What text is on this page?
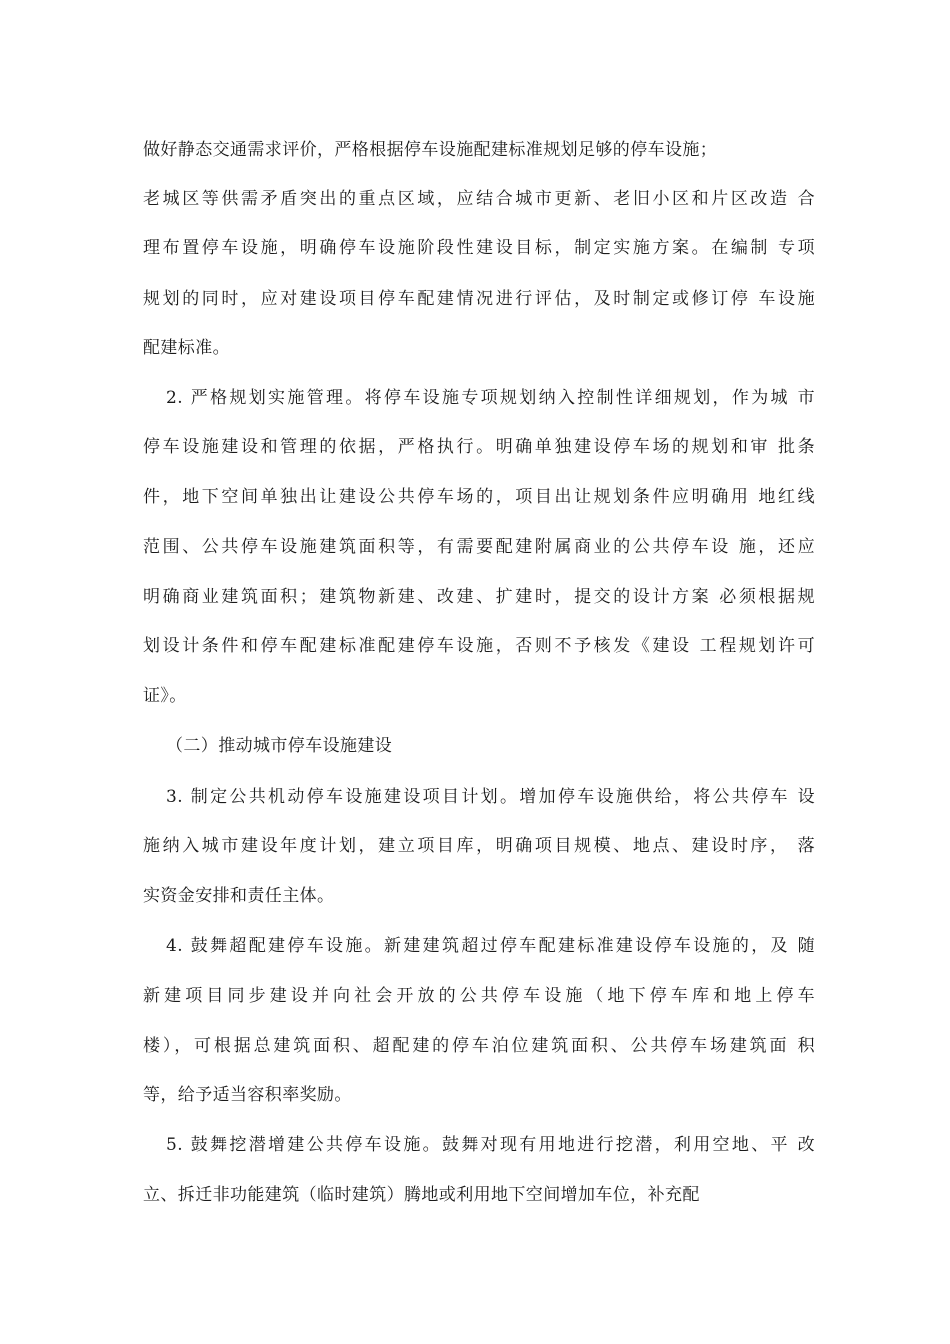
做好静态交通需求评价，严格根据停车设施配建标准规划足够的停车设施；
老城区等供需矛盾突出的重点区域，应结合城市更新、老旧小区和片区改造 合
理布置停车设施，明确停车设施阶段性建设目标，制定实施方案。在编制 专项
规划的同时，应对建设项目停车配建情况进行评估，及时制定或修订停 车设施
配建标准。
2. 严格规划实施管理。将停车设施专项规划纳入控制性详细规划，作为城 市
停车设施建设和管理的依据，严格执行。明确单独建设停车场的规划和审 批条
件，地下空间单独出让建设公共停车场的，项目出让规划条件应明确用 地红线
范围、公共停车设施建筑面积等，有需要配建附属商业的公共停车设 施，还应
明确商业建筑面积；建筑物新建、改建、扩建时，提交的设计方案 必须根据规
划设计条件和停车配建标准配建停车设施，否则不予核发《建设 工程规划许可
证》。
（二）推动城市停车设施建设
3. 制定公共机动停车设施建设项目计划。增加停车设施供给，将公共停车 设
施纳入城市建设年度计划，建立项目库，明确项目规模、地点、建设时序， 落
实资金安排和责任主体。
4. 鼓舞超配建停车设施。新建建筑超过停车配建标准建设停车设施的，及 随
新建项目同步建设并向社会开放的公共停车设施（地下停车库和地上停车
楼），可根据总建筑面积、超配建的停车泊位建筑面积、公共停车场建筑面 积
等，给予适当容积率奖励。
5. 鼓舞挖潜增建公共停车设施。鼓舞对现有用地进行挖潜，利用空地、平 改
立、拆迁非功能建筑（临时建筑）腾地或利用地下空间增加车位，补充配
